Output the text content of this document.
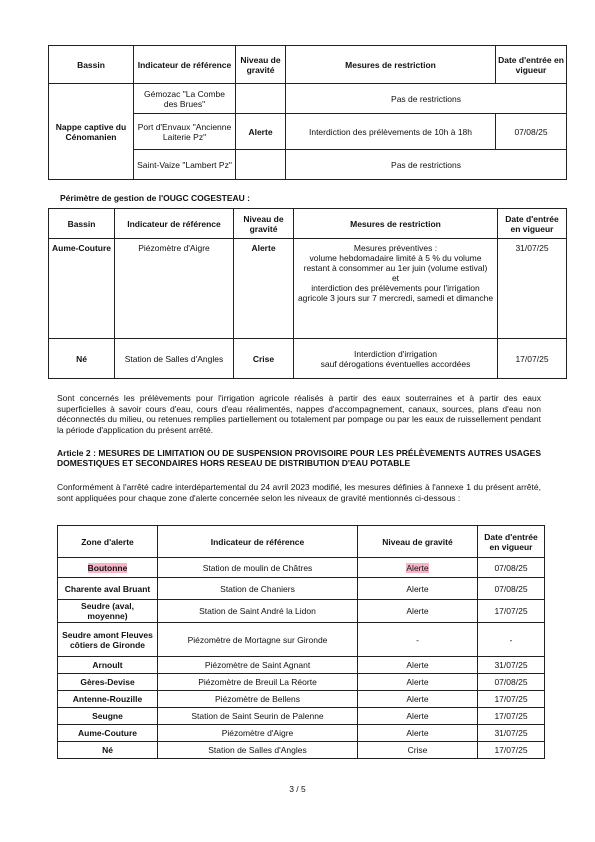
Bassin	Indicateur de référence	Niveau de gravité	Mesures de restriction	Date d'entrée en vigueur
Nappe captive du Cénomanien	Gémozac "La Combe des Brues"		Pas de restrictions	
	Port d'Envaux "Ancienne Laiterie Pz"	Alerte	Interdiction des prélèvements de 10h à 18h	07/08/25
	Saint-Vaize "Lambert Pz"		Pas de restrictions	
Périmètre de gestion de l'OUGC COGESTEAU :
Bassin	Indicateur de référence	Niveau de gravité	Mesures de restriction	Date d'entrée en vigueur
Aume-Couture	Piézomètre d'Aigre	Alerte	Mesures préventives :
volume hebdomadaire limité à 5 % du volume restant à consommer au 1er juin (volume estival)
et
interdiction des prélèvements pour l'irrigation agricole 3 jours sur 7 mercredi, samedi et dimanche	31/07/25
Né	Station de Salles d'Angles	Crise	Interdiction d'irrigation
sauf dérogations éventuelles accordées	17/07/25
Sont concernés les prélèvements pour l'irrigation agricole réalisés à partir des eaux souterraines et à partir des eaux superficielles à savoir cours d'eau, cours d'eau réalimentés, nappes d'accompagnement, canaux, sources, plans d'eau non déconnectés du milieu, ou retenues remplies partiellement ou totalement par pompage ou par les eaux de ruissellement pendant la période d'application du présent arrêté.
Article 2 : MESURES DE LIMITATION OU DE SUSPENSION PROVISOIRE POUR LES PRÉLÈVEMENTS AUTRES USAGES DOMESTIQUES ET SECONDAIRES HORS RESEAU DE DISTRIBUTION D'EAU POTABLE
Conformément à l'arrêté cadre interdépartemental du 24 avril 2023 modifié, les mesures définies à l'annexe 1 du présent arrêté, sont appliquées pour chaque zone d'alerte concernée selon les niveaux de gravité mentionnés ci-dessous :
Zone d'alerte	Indicateur de référence	Niveau de gravité	Date d'entrée en vigueur
Boutonne	Station de moulin de Châtres	Alerte	07/08/25
Charente aval Bruant	Station de Chaniers	Alerte	07/08/25
Seudre (aval, moyenne)	Station de Saint André la Lidon	Alerte	17/07/25
Seudre amont Fleuves côtiers de Gironde	Piézomètre de Mortagne sur Gironde	-	-
Arnoult	Piézomètre de Saint Agnant	Alerte	31/07/25
Gères-Devise	Piézomètre de Breuil La Réorte	Alerte	07/08/25
Antenne-Rouzille	Piézomètre de Bellens	Alerte	17/07/25
Seugne	Station de Saint Seurin de Palenne	Alerte	17/07/25
Aume-Couture	Piézomètre d'Aigre	Alerte	31/07/25
Né	Station de Salles d'Angles	Crise	17/07/25
3 / 5
